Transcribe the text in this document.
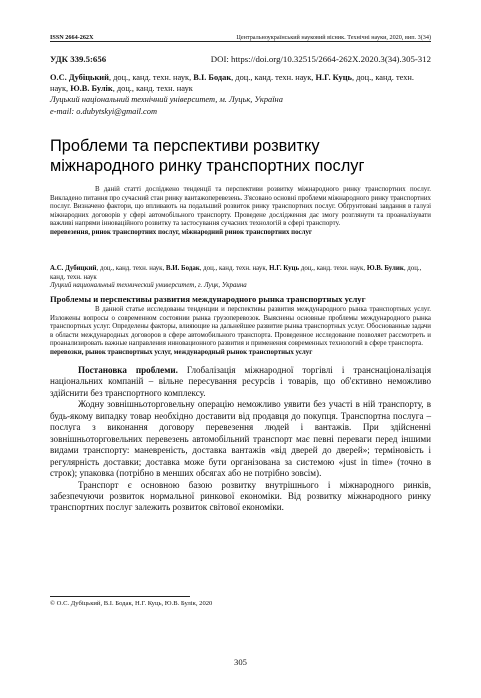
ISSN 2664-262X	Центральноукраїнський науковий вісник. Технічні науки, 2020, вип. 3(34)
УДК 339.5:656	DOI: https://doi.org/10.32515/2664-262X.2020.3(34).305-312
О.С. Дубіцький, доц., канд. техн. наук, В.І. Бодак, доц., канд. техн. наук, Н.Г. Куць, доц., канд. техн. наук, Ю.В. Булік, доц., канд. техн. наук
Луцький національний технічний університет, м. Луцьк, Україна
e-mail: o.dubytskyi@gmail.com
Проблеми та перспективи розвитку міжнародного ринку транспортних послуг

В даній статті досліджено тенденції та перспективи розвитку міжнародного ринку транспортних послуг. Викладено питання про сучасний стан ринку вантажоперевезень. З'ясовано основні проблеми міжнародного ринку транспортних послуг. Визначено фактори, що впливають на подальший розвиток ринку транспортних послуг. Обґрунтовані завдання в галузі міжнародних договорів у сфері автомобільного транспорту. Проведене дослідження дає змогу розглянути та проаналізувати важливі напрями інноваційного розвитку та застосування сучасних технологій в сфері транспорту.

перевезення, ринок транспортних послуг, міжнародний ринок транспортних послуг

А.С. Дубицкий, доц., канд. техн. наук, В.И. Бодак, доц., канд. техн. наук, Н.Г. Куць доц., канд. техн. наук, Ю.В. Булик, доц., канд. техн. наук
Луцкий национальный технический университет, г. Луцк, Украина
Проблемы и перспективы развития международного рынка транспортных услуг

В данной статье исследованы тенденции и перспективы развития международного рынка транспортных услуг. Изложены вопросы о современном состоянии рынка грузоперевозок. Выяснены основные проблемы международного рынка транспортных услуг. Определены факторы, влияющие на дальнейшее развитие рынка транспортных услуг. Обоснованные задачи в области международных договоров в сфере автомобильного транспорта. Проведенное исследование позволяет рассмотреть и проанализировать важные направления инновационного развития и применения современных технологий в сфере транспорта.

перевозки, рынок транспортных услуг, международный рынок транспортных услуг

Постановка проблеми. Глобалізація міжнародної торгівлі і транснаціоналізація національних компаній – вільне пересування ресурсів і товарів, що об'єктивно неможливо здійснити без транспортного комплексу.

Жодну зовнішньоторговельну операцію неможливо уявити без участі в ній транспорту, в будь-якому випадку товар необхідно доставити від продавця до покупця. Транспортна послуга – послуга з виконання договору перевезення людей і вантажів. При здійсненні зовнішньоторговельних перевезень автомобільний транспорт має певні переваги перед іншими видами транспорту: маневреність, доставка вантажів «від дверей до дверей»; терміновість і регулярність доставки; доставка може бути організована за системою «just in time» (точно в строк); упаковка (потрібно в менших обсягах або не потрібно зовсім).

Транспорт є основною базою розвитку внутрішнього і міжнародного ринків, забезпечуючи розвиток нормальної ринкової економіки. Від розвитку міжнародного ринку транспортних послуг залежить розвиток світової економіки.

© О.С. Дубіцький, В.І. Бодак, Н.Г. Куць, Ю.В. Булік, 2020
305
